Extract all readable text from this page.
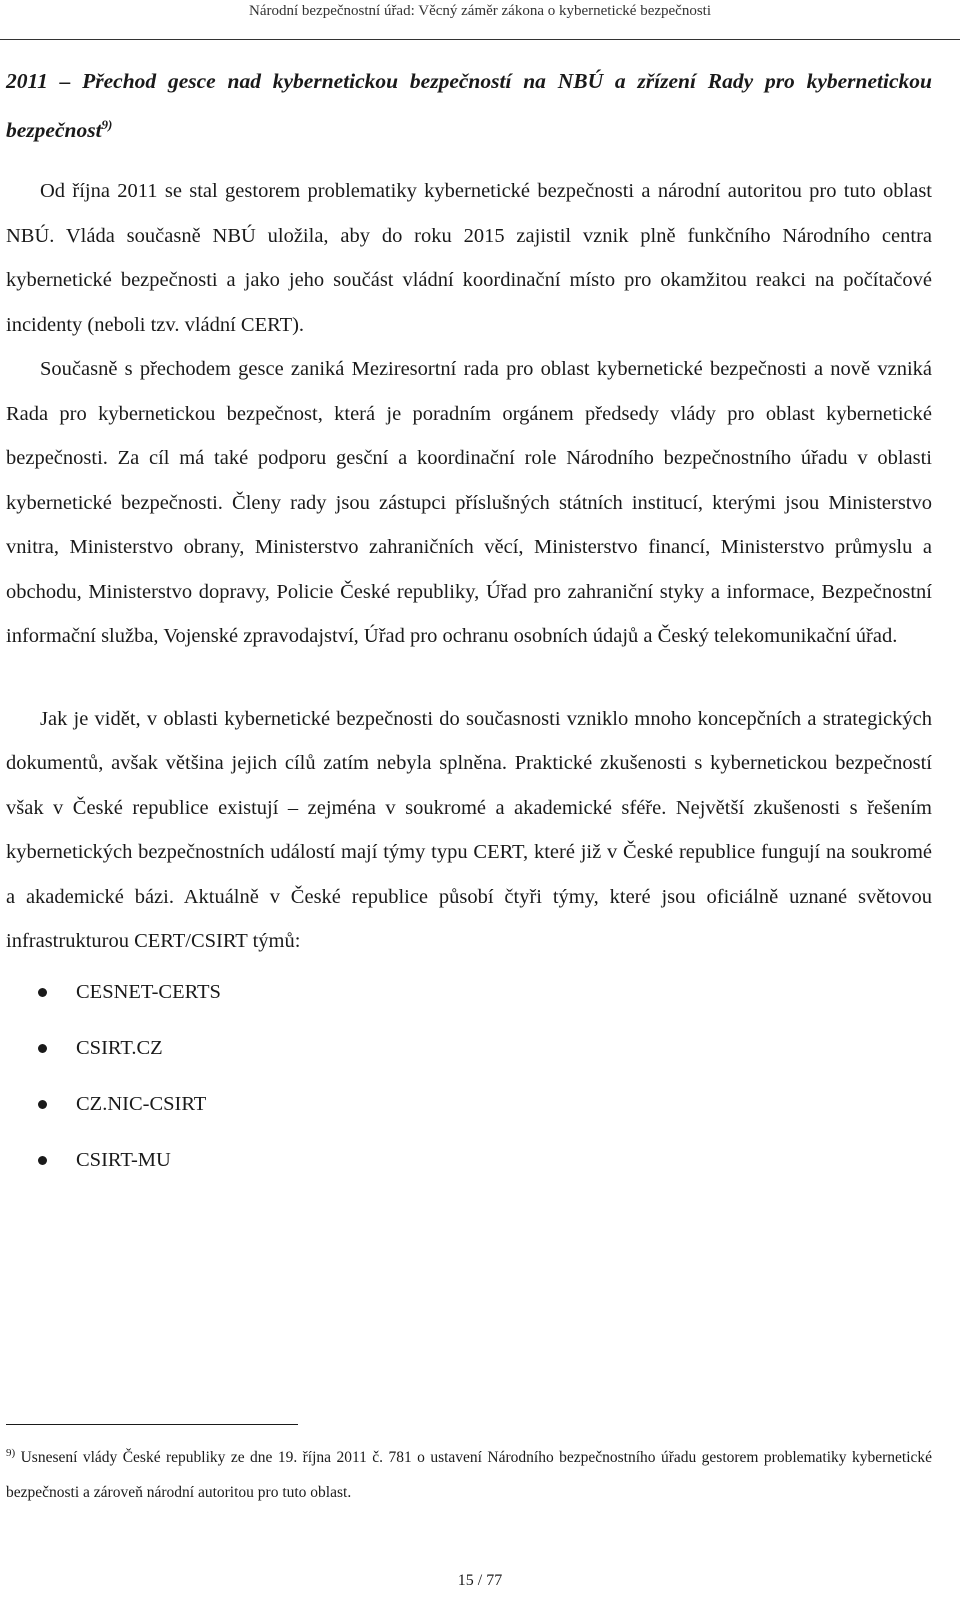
Národní bezpečnostní úřad: Věcný záměr zákona o kybernetické bezpečnosti
2011 – Přechod gesce nad kybernetickou bezpečností na NBÚ a zřízení Rady pro kybernetickou bezpečnost$^{9)}$

Od října 2011 se stal gestorem problematiky kybernetické bezpečnosti a národní autoritou pro tuto oblast NBÚ. Vláda současně NBÚ uložila, aby do roku 2015 zajistil vznik plně funkčního Národního centra kybernetické bezpečnosti a jako jeho součást vládní koordinační místo pro okamžitou reakci na počítačové incidenty (neboli tzv. vládní CERT).

Současně s přechodem gesce zaniká Meziresortní rada pro oblast kybernetické bezpečnosti a nově vzniká Rada pro kybernetickou bezpečnost, která je poradním orgánem předsedy vlády pro oblast kybernetické bezpečnosti. Za cíl má také podporu gesční a koordinační role Národního bezpečnostního úřadu v oblasti kybernetické bezpečnosti. Členy rady jsou zástupci příslušných státních institucí, kterými jsou Ministerstvo vnitra, Ministerstvo obrany, Ministerstvo zahraničních věcí, Ministerstvo financí, Ministerstvo průmyslu a obchodu, Ministerstvo dopravy, Policie České republiky, Úřad pro zahraniční styky a informace, Bezpečnostní informační služba, Vojenské zpravodajství, Úřad pro ochranu osobních údajů a Český telekomunikační úřad.

Jak je vidět, v oblasti kybernetické bezpečnosti do současnosti vzniklo mnoho koncepčních a strategických dokumentů, avšak většina jejich cílů zatím nebyla splněna. Praktické zkušenosti s kybernetickou bezpečností však v České republice existují – zejména v soukromé a akademické sféře. Největší zkušenosti s řešením kybernetických bezpečnostních událostí mají týmy typu CERT, které již v České republice fungují na soukromé a akademické bázi. Aktuálně v České republice působí čtyři týmy, které jsou oficiálně uznané světovou infrastrukturou CERT/CSIRT týmů:

CESNET-CERTS
CSIRT.CZ
CZ.NIC-CSIRT
CSIRT-MU
$^{9)}$ Usnesení vlády České republiky ze dne 19. října 2011 č. 781 o ustavení Národního bezpečnostního úřadu gestorem problematiky kybernetické bezpečnosti a zároveň národní autoritou pro tuto oblast.
15 / 77
